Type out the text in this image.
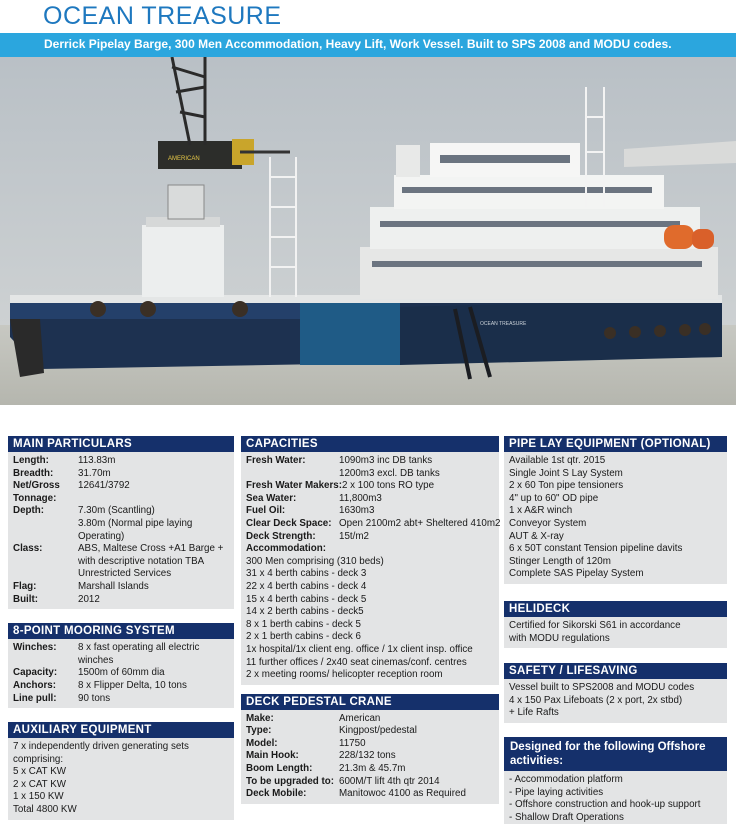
OCEAN TREASURE
Derrick Pipelay Barge, 300 Men Accommodation, Heavy Lift, Work Vessel. Built to SPS 2008 and MODU codes.
AMERICAN
OCEAN TREASURE
MAIN PARTICULARS
Length:	113.83m
Breadth:	31.70m
Net/Gross	12641/3792
Tonnage:
Depth:	7.30m (Scantling)
3.80m (Normal pipe laying
Operating)
Class:	ABS, Maltese Cross +A1 Barge +
with descriptive notation TBA
Unrestricted Services
Flag:	Marshall Islands
Built:	2012
8-POINT MOORING SYSTEM
Winches:	8 x fast operating all electric winches
Capacity:	1500m of 60mm dia
Anchors:	8 x Flipper Delta, 10 tons
Line pull:	90 tons
AUXILIARY EQUIPMENT
7 x independently driven generating sets comprising:
5 x CAT KW
2 x CAT KW
1 x 150 KW
Total 4800 KW
CAPACITIES
Fresh Water:	1090m3 inc DB tanks
1200m3 excl. DB tanks
Fresh Water Makers: 2 x 100 tons RO type
Sea Water:	11,800m3
Fuel Oil:	1630m3
Clear Deck Space: Open 2100m2 abt+ Sheltered 410m2
Deck Strength:	15t/m2
Accommodation:
300 Men comprising (310 beds)
31 x 4 berth cabins - deck 3
22 x 4 berth cabins - deck 4
15 x 4 berth cabins - deck 5
14 x 2 berth cabins - deck5
8 x 1 berth cabins - deck 5
2 x 1 berth cabins - deck 6
1x hospital/1x client eng. office / 1x client insp. office
11 further offices / 2x40 seat cinemas/conf. centres
2 x meeting rooms/ helicopter reception room
DECK PEDESTAL CRANE
Make:	American
Type:	Kingpost/pedestal
Model:	11750
Main Hook:	228/132 tons
Boom Length:	21.3m & 45.7m
To be upgraded to: 600M/T lift 4th qtr 2014
Deck Mobile:	Manitowoc 4100 as Required
PIPE LAY EQUIPMENT (OPTIONAL)
Available 1st qtr. 2015
Single Joint S Lay System
2 x 60 Ton pipe tensioners
4" up to 60" OD pipe
1 x A&R winch
Conveyor System
AUT & X-ray
6 x 50T constant Tension pipeline davits
Stinger Length of 120m
Complete SAS Pipelay System
HELIDECK
Certified for Sikorski S61 in accordance
with MODU regulations
SAFETY / LIFESAVING
Vessel built to SPS2008 and MODU codes
4 x 150 Pax Lifeboats (2 x port, 2x stbd)
+ Life Rafts
Designed for the following Offshore activities:
- Accommodation platform
- Pipe laying activities
- Offshore construction and hook-up support
- Shallow Draft Operations
